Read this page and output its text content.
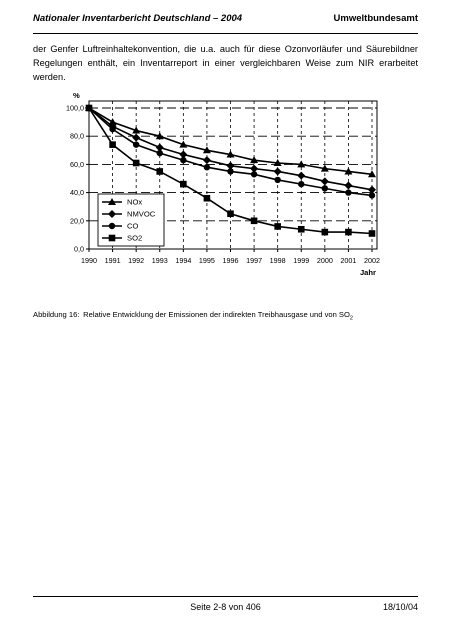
Nationaler Inventarbericht Deutschland – 2004	Umweltbundesamt
der Genfer Luftreinhaltekonvention, die u.a. auch für diese Ozonvorläufer und Säurebildner Regelungen enthält, ein Inventarreport in einer vergleichbaren Weise zum NIR erarbeitet werden.
0,0
20,0
40,0
60,0
80,0
100,0
1990 1991 1992 1993 1994 1995 1996 1997 1998 1999 2000 2001 2002
%
Jahr
NOx
NMVOC
CO
SO2
Abbildung 16: Relative Entwicklung der Emissionen der indirekten Treibhausgase und von $SO_2$
Seite 2-8 von 406	18/10/04
